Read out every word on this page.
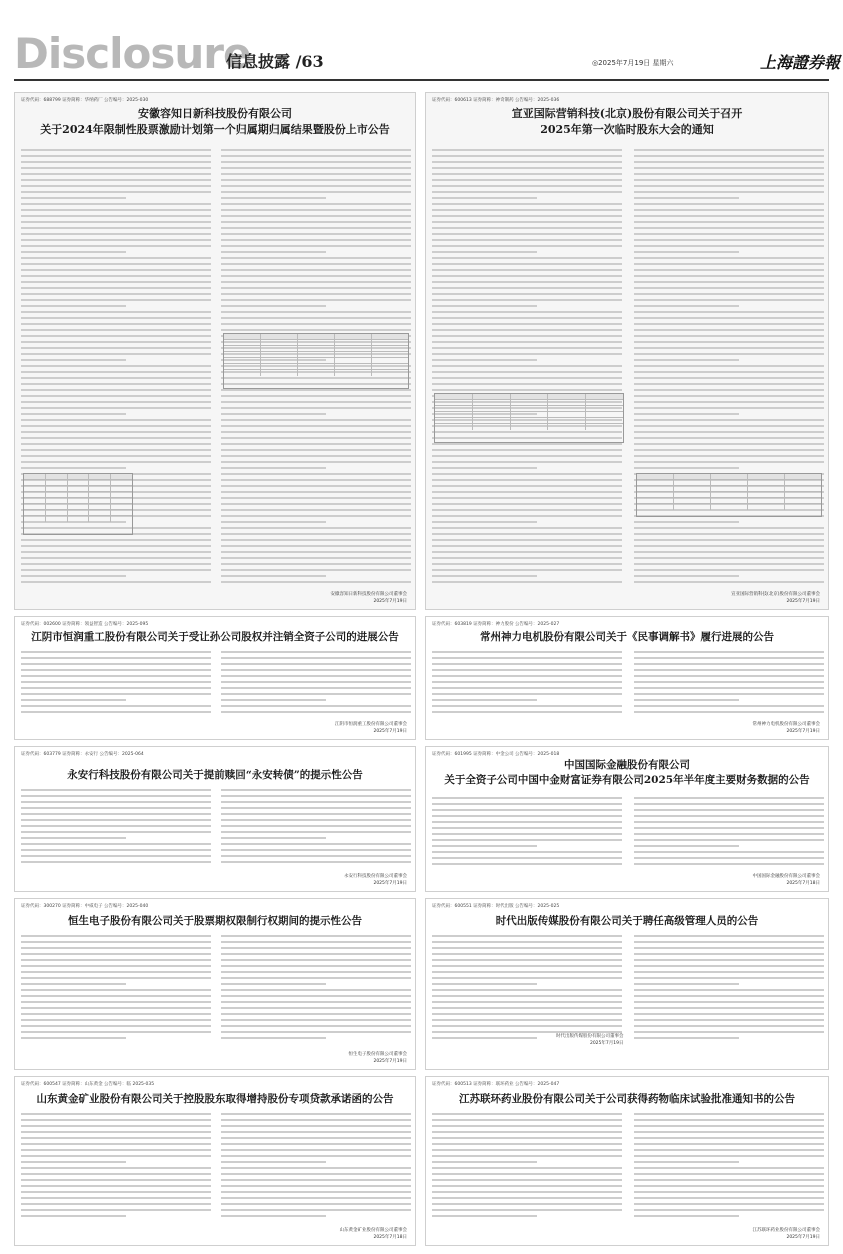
Disclosure
信息披露 /63	◎2025年7月19日 星期六	上海證券報
证券代码：688799 证券简称：华纳药厂 公告编号：2025-030
安徽容知日新科技股份有限公司
关于2024年限制性股票激励计划第一个归属期归属结果暨股份上市公告
安徽容知日新科技股份有限公司董事会
2025年7月19日
证券代码：600613 证券简称：神奇制药 公告编号：2025-036
宣亚国际营销科技(北京)股份有限公司关于召开
2025年第一次临时股东大会的通知
宣亚国际营销科技(北京)股份有限公司董事会
2025年7月19日
证券代码：002600 证券简称：领益智造 公告编号：2025-095
江阴市恒润重工股份有限公司关于受让孙公司股权并注销全资子公司的进展公告
江阴市恒润重工股份有限公司董事会
2025年7月19日
证券代码：603819 证券简称：神力股份 公告编号：2025-027
常州神力电机股份有限公司关于《民事调解书》履行进展的公告
常州神力电机股份有限公司董事会
2025年7月19日
证券代码：603779 证券简称：永安行 公告编号：2025-064
永安行科技股份有限公司关于提前赎回“永安转债”的提示性公告
永安行科技股份有限公司董事会
2025年7月19日
证券代码：601995 证券简称：中金公司 公告编号：2025-018
中国国际金融股份有限公司
关于全资子公司中国中金财富证券有限公司2025年半年度主要财务数据的公告
中国国际金融股份有限公司董事会
2025年7月18日
证券代码：300270 证券简称：中威电子 公告编号：2025-040
恒生电子股份有限公司关于股票期权限制行权期间的提示性公告
恒生电子股份有限公司董事会
2025年7月19日
证券代码：600551 证券简称：时代出版 公告编号：2025-025
时代出版传媒股份有限公司关于聘任高级管理人员的公告
时代出版传媒股份有限公司董事会
2025年7月19日
证券代码：600547 证券简称：山东黄金 公告编号：临 2025-035
山东黄金矿业股份有限公司关于控股股东取得增持股份专项贷款承诺函的公告
山东黄金矿业股份有限公司董事会
2025年7月18日
证券代码：600513 证券简称：联环药业 公告编号：2025-047
江苏联环药业股份有限公司关于公司获得药物临床试验批准通知书的公告
江苏联环药业股份有限公司董事会
2025年7月19日
